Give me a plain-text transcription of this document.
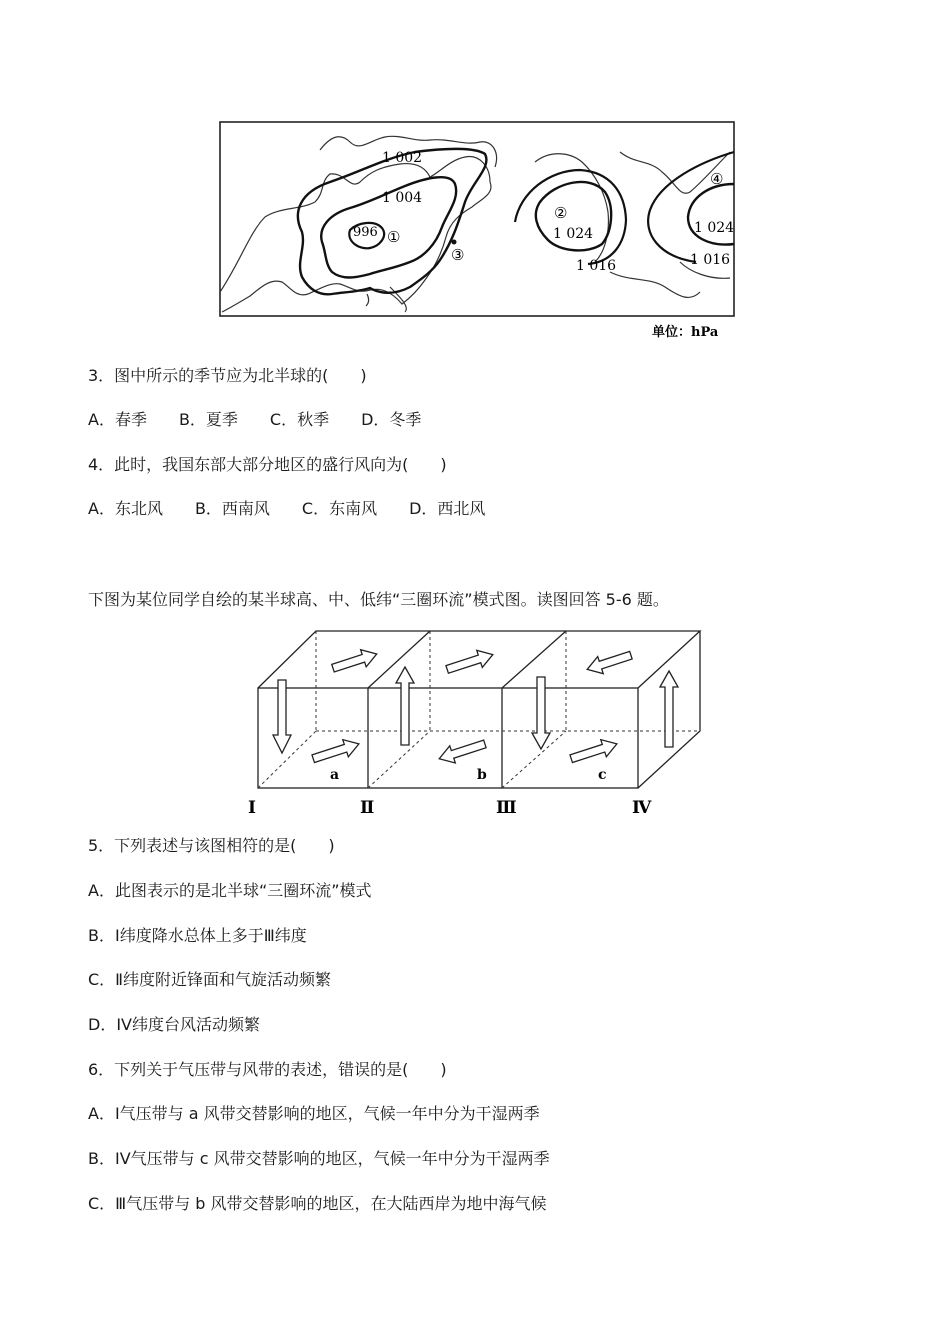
1 002
1 004
996 ①
③
②
1 024
1 016
④
1 024
1 016
单位：hPa
3．图中所示的季节应为北半球的(　　)
A．春季　　B．夏季　　C．秋季　　D．冬季
4．此时，我国东部大部分地区的盛行风向为(　　)
A．东北风　　B．西南风　　C．东南风　　D．西北风
下图为某位同学自绘的某半球高、中、低纬“三圈环流”模式图。读图回答 5-6 题。
a	b	c
Ⅰ	Ⅱ	Ⅲ	Ⅳ
5．下列表述与该图相符的是(　　)
A．此图表示的是北半球“三圈环流”模式
B．Ⅰ纬度降水总体上多于Ⅲ纬度
C．Ⅱ纬度附近锋面和气旋活动频繁
D．IV纬度台风活动频繁
6．下列关于气压带与风带的表述，错误的是(　　)
A．Ⅰ气压带与 a 风带交替影响的地区，气候一年中分为干湿两季
B．IV气压带与 c 风带交替影响的地区，气候一年中分为干湿两季
C．Ⅲ气压带与 b 风带交替影响的地区，在大陆西岸为地中海气候
